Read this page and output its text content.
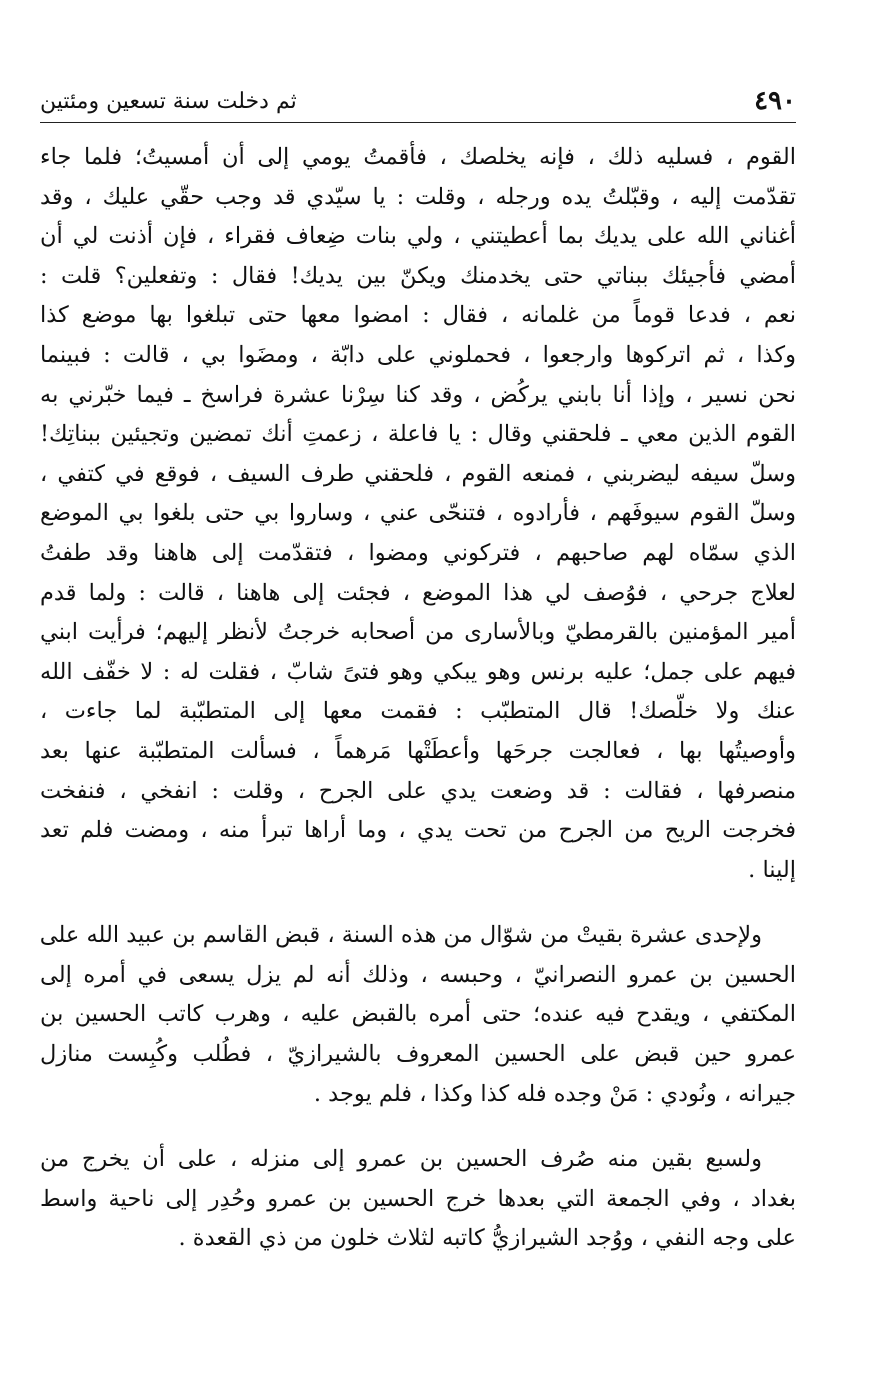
٤٩٠
ثم دخلت سنة تسعين ومئتين

القوم ، فسليه ذلك ، فإنه يخلصك ، فأقمتُ يومي إلى أن أمسيتُ؛ فلما جاء
تقدّمت إليه ، وقبّلتُ يده ورجله ، وقلت : يا سيّدي قد وجب حقّي عليك ، وقد
أغناني الله على يديك بما أعطيتني ، ولي بنات ضِعاف فقراء ، فإن أذنت لي أن
أمضي فأجيئك ببناتي حتى يخدمنك ويكنّ بين يديك! فقال : وتفعلين؟ قلت :
نعم ، فدعا قوماً من غلمانه ، فقال : امضوا معها حتى تبلغوا بها موضع كذا
وكذا ، ثم اتركوها وارجعوا ، فحملوني على دابّة ، ومضَوا بي ، قالت : فبينما
نحن نسير ، وإذا أنا بابني يركُض ، وقد كنا سِرْنا عشرة فراسخ ـ فيما خبّرني به
القوم الذين معي ـ فلحقني وقال : يا فاعلة ، زعمتِ أنك تمضين وتجيئين ببناتِك!
وسلّ سيفه ليضربني ، فمنعه القوم ، فلحقني طرف السيف ، فوقع في كتفي ،
وسلّ القوم سيوفَهم ، فأرادوه ، فتنحّى عني ، وساروا بي حتى بلغوا بي الموضع
الذي سمّاه لهم صاحبهم ، فتركوني ومضوا ، فتقدّمت إلى هاهنا وقد طفتُ
لعلاج جرحي ، فوُصف لي هذا الموضع ، فجئت إلى هاهنا ، قالت : ولما قدم
أمير المؤمنين بالقرمطيّ وبالأسارى من أصحابه خرجتُ لأنظر إليهم؛ فرأيت ابني
فيهم على جمل؛ عليه برنس وهو يبكي وهو فتىً شابّ ، فقلت له : لا خفّف الله
عنك ولا خلّصك! قال المتطبّب : فقمت معها إلى المتطبّبة لما جاءت ،
وأوصيتُها بها ، فعالجت جرحَها وأعطَتْها مَرهماً ، فسألت المتطبّبة عنها بعد
منصرفها ، فقالت : قد وضعت يدي على الجرح ، وقلت : انفخي ، فنفخت
فخرجت الريح من الجرح من تحت يدي ، وما أراها تبرأ منه ، ومضت فلم تعد
إلينا .

ولإحدى عشرة بقيتْ من شوّال من هذه السنة ، قبض القاسم بن عبيد الله على
الحسين بن عمرو النصرانيّ ، وحبسه ، وذلك أنه لم يزل يسعى في أمره إلى
المكتفي ، ويقدح فيه عنده؛ حتى أمره بالقبض عليه ، وهرب كاتب الحسين بن
عمرو حين قبض على الحسين المعروف بالشيرازيّ ، فطُلب وكُبِست منازل
جيرانه ، ونُودي : مَنْ وجده فله كذا وكذا ، فلم يوجد .

ولسبع بقين منه صُرف الحسين بن عمرو إلى منزله ، على أن يخرج من
بغداد ، وفي الجمعة التي بعدها خرج الحسين بن عمرو وحُدِر إلى ناحية واسط
على وجه النفي ، ووُجد الشيرازيُّ كاتبه لثلاث خلون من ذي القعدة .
